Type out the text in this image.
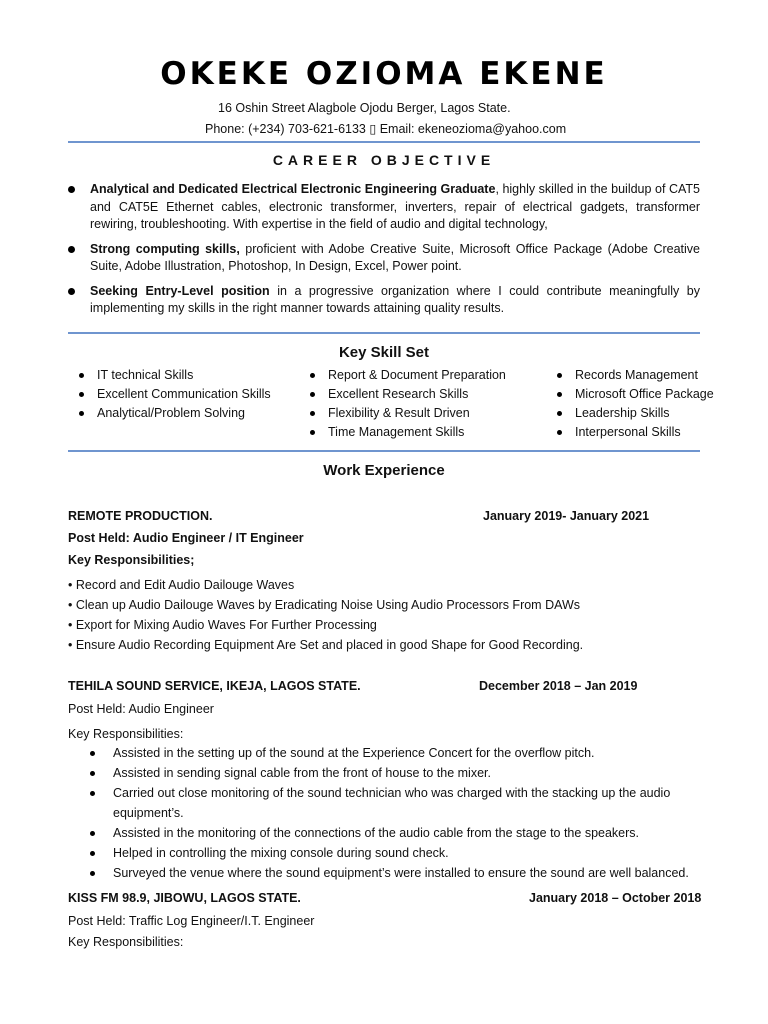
OKEKE OZIOMA EKENE
16 Oshin Street Alagbole Ojodu Berger, Lagos State.
Phone: (+234) 703-621-6133 ▯ Email: ekeneozioma@yahoo.com
CAREER OBJECTIVE
Analytical and Dedicated Electrical Electronic Engineering Graduate, highly skilled in the buildup of CAT5 and CAT5E Ethernet cables, electronic transformer, inverters, repair of electrical gadgets, transformer rewiring, troubleshooting. With expertise in the field of audio and digital technology,
Strong computing skills, proficient with Adobe Creative Suite, Microsoft Office Package (Adobe Creative Suite, Adobe Illustration, Photoshop, In Design, Excel, Power point.
Seeking Entry-Level position in a progressive organization where I could contribute meaningfully by implementing my skills in the right manner towards attaining quality results.
Key Skill Set
IT technical Skills
Excellent Communication Skills
Analytical/Problem Solving
Report & Document Preparation
Excellent Research Skills
Flexibility & Result Driven
Time Management Skills
Records Management
Microsoft Office Package
Leadership Skills
Interpersonal Skills
Work Experience
REMOTE PRODUCTION.	January 2019- January 2021
Post Held: Audio Engineer / IT Engineer
Key Responsibilities;
• Record and Edit Audio Dailouge Waves
• Clean up Audio Dailouge Waves by Eradicating Noise Using Audio Processors From DAWs
• Export for Mixing Audio Waves For Further Processing
• Ensure Audio Recording Equipment Are Set and placed in good Shape for Good Recording.
TEHILA SOUND SERVICE, IKEJA, LAGOS STATE.	December 2018 – Jan 2019
Post Held: Audio Engineer
Key Responsibilities:
Assisted in the setting up of the sound at the Experience Concert for the overflow pitch.
Assisted in sending signal cable from the front of house to the mixer.
Carried out close monitoring of the sound technician who was charged with the stacking up the audio equipment’s.
Assisted in the monitoring of the connections of the audio cable from the stage to the speakers.
Helped in controlling the mixing console during sound check.
Surveyed the venue where the sound equipment’s were installed to ensure the sound are well balanced.
KISS FM 98.9, JIBOWU, LAGOS STATE.	January 2018 – October 2018
Post Held: Traffic Log Engineer/I.T. Engineer
Key Responsibilities:
